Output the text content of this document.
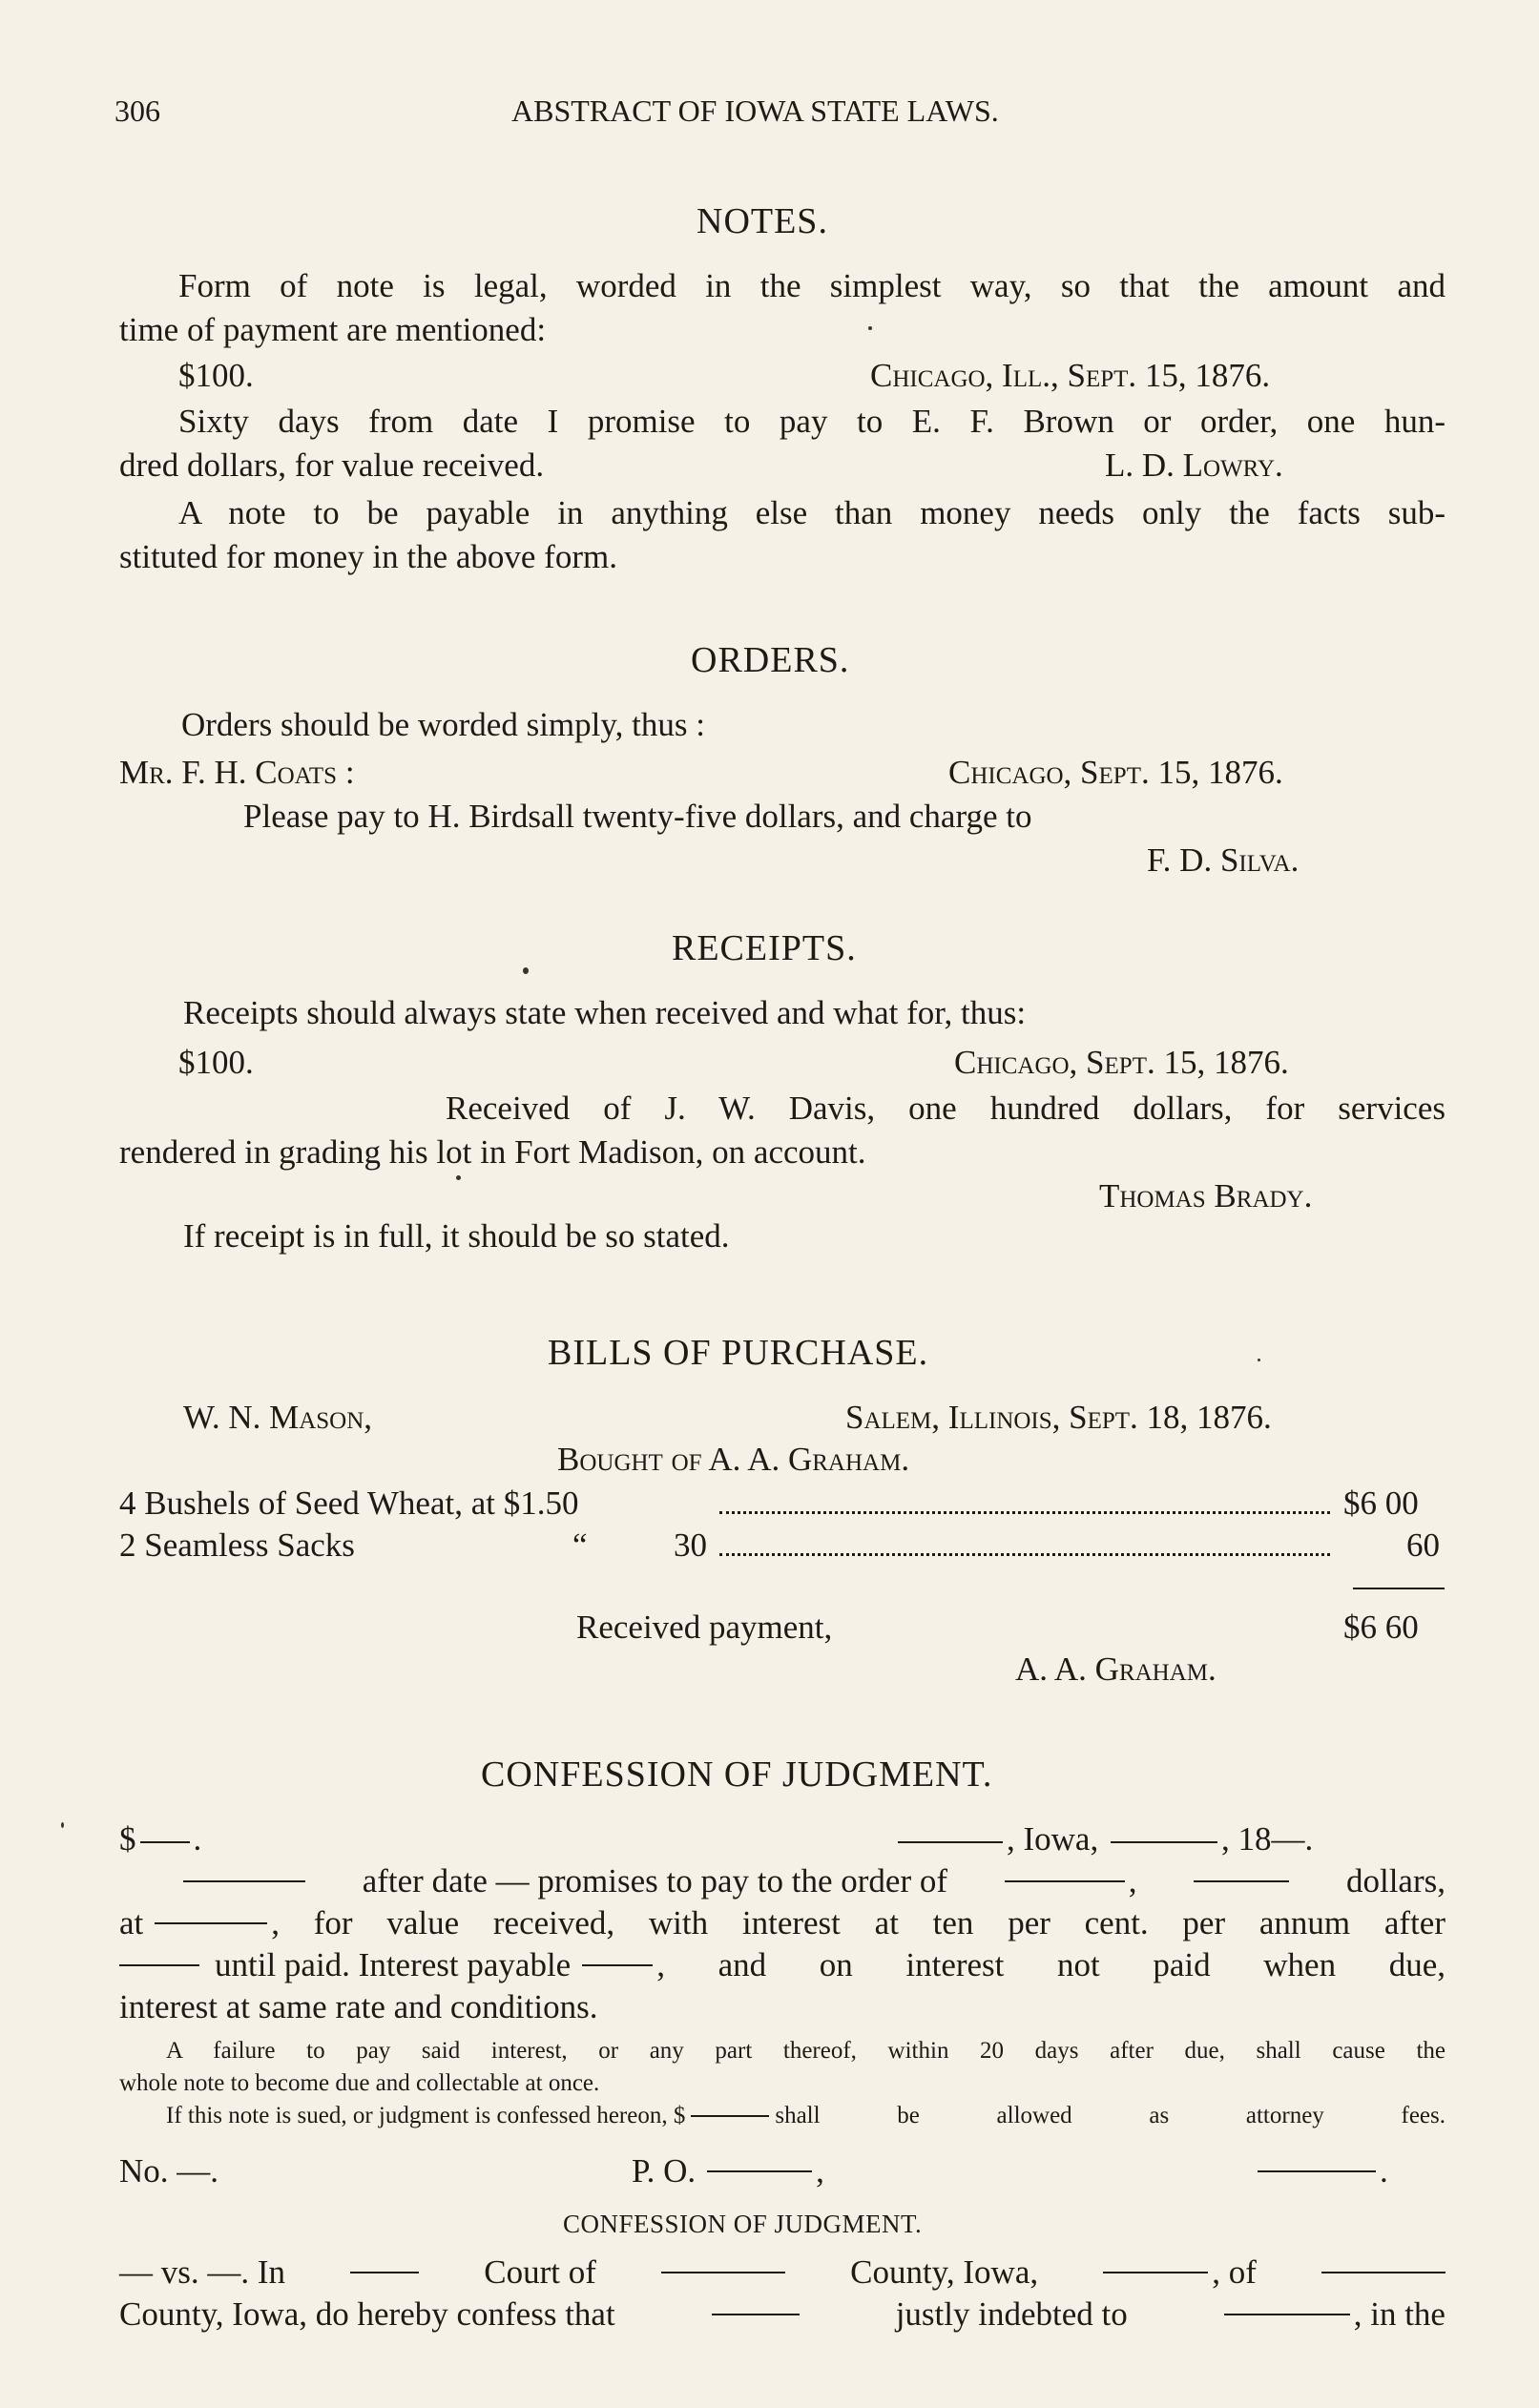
306	ABSTRACT OF IOWA STATE LAWS.
NOTES.
Form of note is legal, worded in the simplest way, so that the amount and
time of payment are mentioned:
$100.	Chicago, Ill., Sept. 15, 1876.
Sixty days from date I promise to pay to E. F. Brown or order, one hun-
dred dollars, for value received.	L. D. Lowry.
A note to be payable in anything else than money needs only the facts sub-
stituted for money in the above form.
ORDERS.
Orders should be worded simply, thus :
Mr. F. H. Coats :	Chicago, Sept. 15, 1876.
Please pay to H. Birdsall twenty-five dollars, and charge to
F. D. Silva.
RECEIPTS.
Receipts should always state when received and what for, thus:
$100.	Chicago, Sept. 15, 1876.
Received of J. W. Davis, one hundred dollars, for services
rendered in grading his lot in Fort Madison, on account.
Thomas Brady.
If receipt is in full, it should be so stated.
BILLS OF PURCHASE.
W. N. Mason,	Salem, Illinois, Sept. 18, 1876.
Bought of A. A. Graham.
4 Bushels of Seed Wheat, at $1.50	$6 00
2 Seamless Sacks	“	30	60
Received payment,	$6 60
A. A. Graham.
CONFESSION OF JUDGMENT.
$ .	, Iowa,	, 18—.
after date — promises to pay to the order of	,	dollars,
at	, for value received, with interest at ten per cent. per annum after
until paid. Interest payable	, and on interest not paid when due,
interest at same rate and conditions.
A failure to pay said interest, or any part thereof, within 20 days after due, shall cause the
whole note to become due and collectable at once.
If this note is sued, or judgment is confessed hereon, $	shall be allowed as attorney fees.
No. —.	P. O.	,	.
CONFESSION OF JUDGMENT.
— vs. —. In	Court of	County, Iowa,	, of
County, Iowa, do hereby confess that	justly indebted to	, in the
